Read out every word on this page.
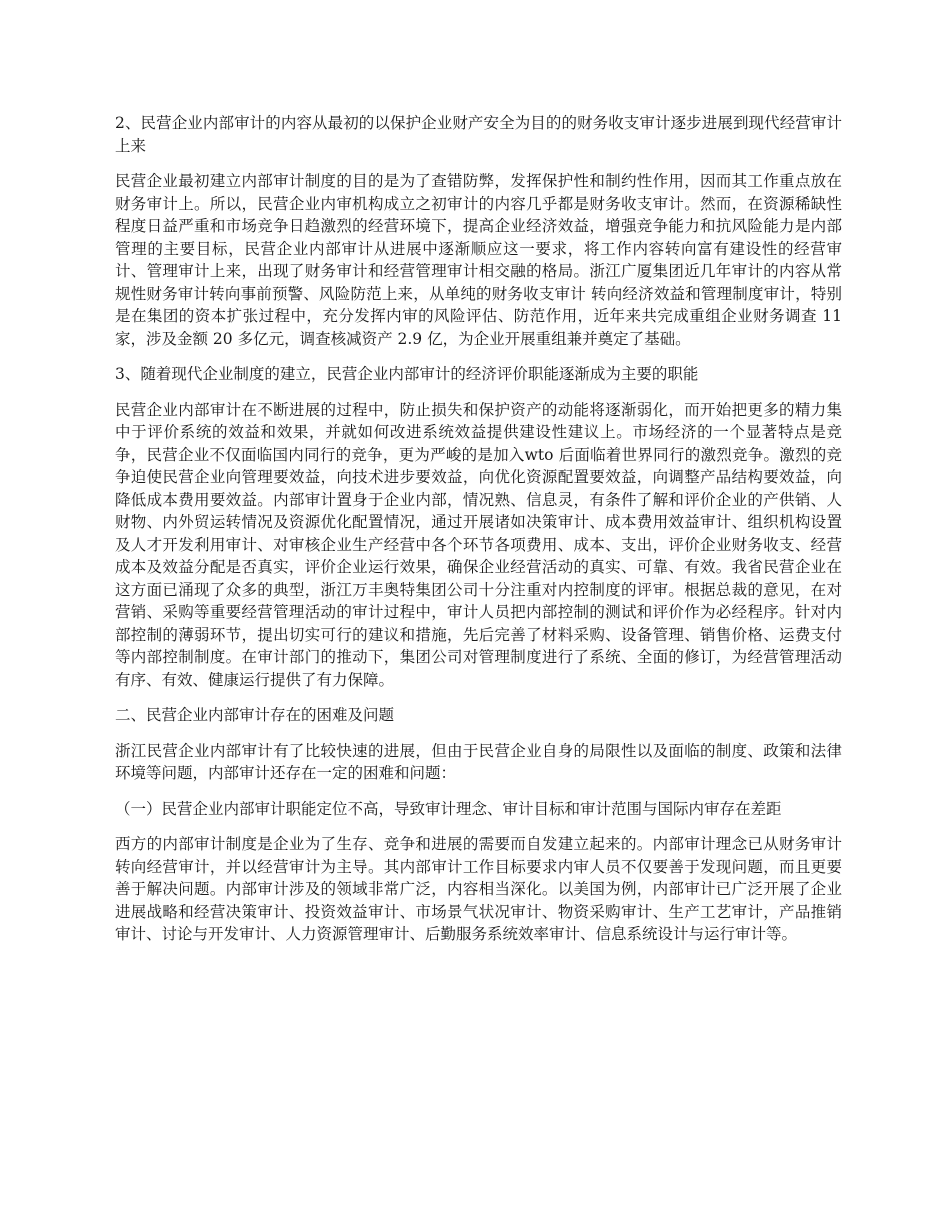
2、民营企业内部审计的内容从最初的以保护企业财产安全为目的的财务收支审计逐步进展到现代经营审计上来

民营企业最初建立内部审计制度的目的是为了查错防弊，发挥保护性和制约性作用，因而其工作重点放在财务审计上。所以，民营企业内审机构成立之初审计的内容几乎都是财务收支审计。然而，在资源稀缺性程度日益严重和市场竞争日趋激烈的经营环境下，提高企业经济效益，增强竞争能力和抗风险能力是内部管理的主要目标，民营企业内部审计从进展中逐渐顺应这一要求，将工作内容转向富有建设性的经营审计、管理审计上来，出现了财务审计和经营管理审计相交融的格局。浙江广厦集团近几年审计的内容从常规性财务审计转向事前预警、风险防范上来，从单纯的财务收支审计 转向经济效益和管理制度审计，特别是在集团的资本扩张过程中，充分发挥内审的风险评估、防范作用，近年来共完成重组企业财务调查 11 家，涉及金额 20 多亿元，调查核减资产 2.9 亿，为企业开展重组兼并奠定了基础。

3、随着现代企业制度的建立，民营企业内部审计的经济评价职能逐渐成为主要的职能

民营企业内部审计在不断进展的过程中，防止损失和保护资产的动能将逐渐弱化，而开始把更多的精力集中于评价系统的效益和效果，并就如何改进系统效益提供建设性建议上。市场经济的一个显著特点是竞争，民营企业不仅面临国内同行的竞争，更为严峻的是加入wto 后面临着世界同行的激烈竞争。激烈的竞争迫使民营企业向管理要效益，向技术进步要效益，向优化资源配置要效益，向调整产品结构要效益，向降低成本费用要效益。内部审计置身于企业内部，情况熟、信息灵，有条件了解和评价企业的产供销、人财物、内外贸运转情况及资源优化配置情况，通过开展诸如决策审计、成本费用效益审计、组织机构设置及人才开发利用审计、对审核企业生产经营中各个环节各项费用、成本、支出，评价企业财务收支、经营成本及效益分配是否真实，评价企业运行效果，确保企业经营活动的真实、可靠、有效。我省民营企业在这方面已涌现了众多的典型，浙江万丰奥特集团公司十分注重对内控制度的评审。根据总裁的意见，在对营销、采购等重要经营管理活动的审计过程中，审计人员把内部控制的测试和评价作为必经程序。针对内部控制的薄弱环节，提出切实可行的建议和措施，先后完善了材料采购、设备管理、销售价格、运费支付等内部控制制度。在审计部门的推动下，集团公司对管理制度进行了系统、全面的修订，为经营管理活动有序、有效、健康运行提供了有力保障。

二、民营企业内部审计存在的困难及问题

浙江民营企业内部审计有了比较快速的进展，但由于民营企业自身的局限性以及面临的制度、政策和法律环境等问题，内部审计还存在一定的困难和问题：

（一）民营企业内部审计职能定位不高，导致审计理念、审计目标和审计范围与国际内审存在差距

西方的内部审计制度是企业为了生存、竞争和进展的需要而自发建立起来的。内部审计理念已从财务审计转向经营审计，并以经营审计为主导。其内部审计工作目标要求内审人员不仅要善于发现问题，而且更要善于解决问题。内部审计涉及的领域非常广泛，内容相当深化。以美国为例，内部审计已广泛开展了企业进展战略和经营决策审计、投资效益审计、市场景气状况审计、物资采购审计、生产工艺审计，产品推销审计、讨论与开发审计、人力资源管理审计、后勤服务系统效率审计、信息系统设计与运行审计等。
